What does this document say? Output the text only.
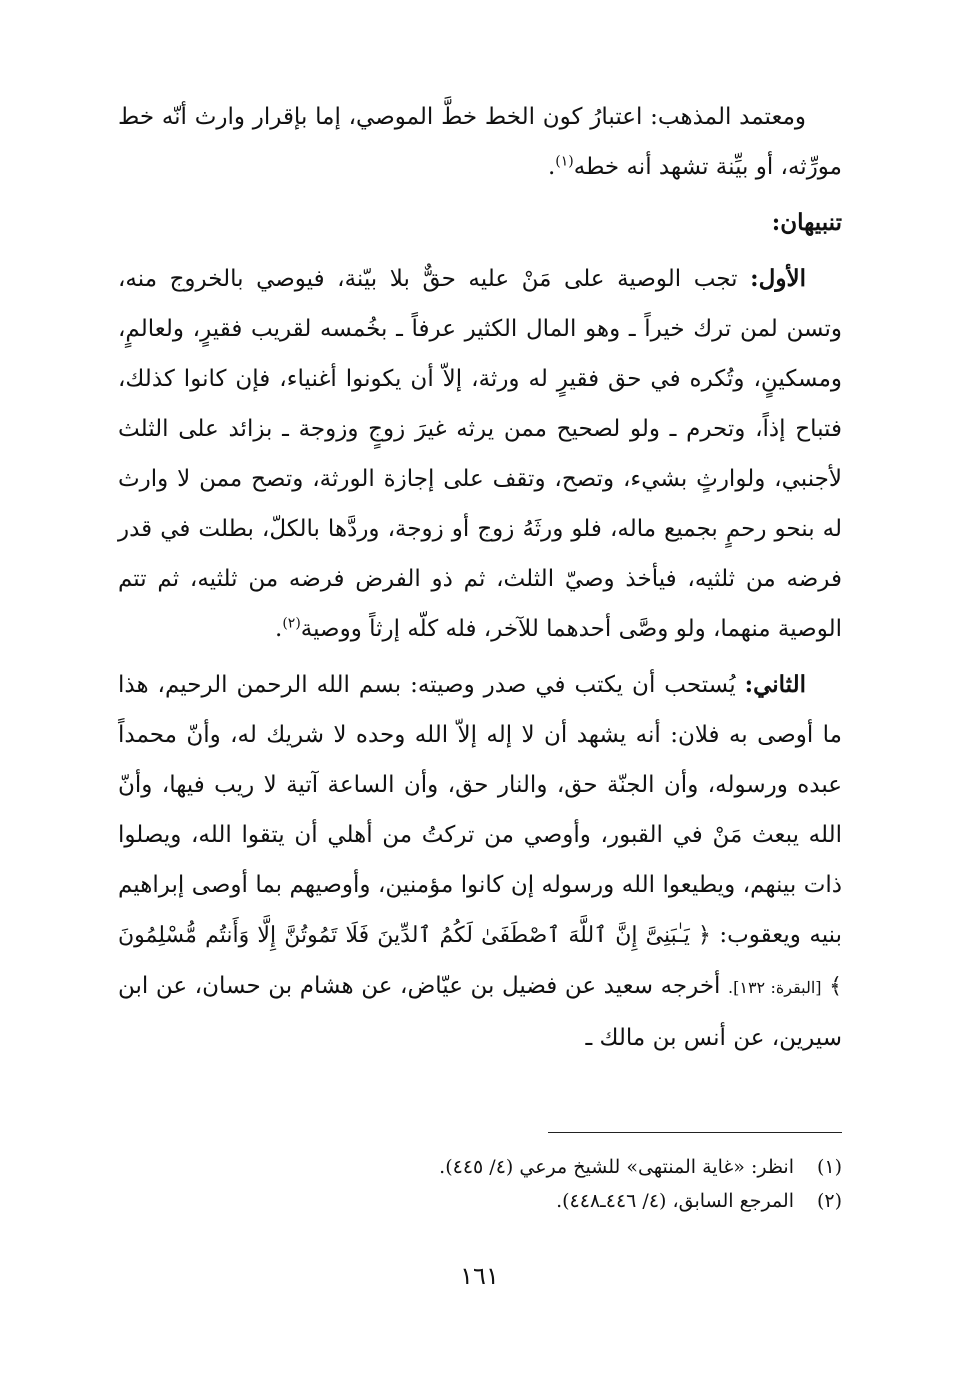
ومعتمد المذهب: اعتبارُ كون الخط خطَّ الموصي، إما بإقرار وارث أنّه خط مورِّثه، أو بيِّنة تشهد أنه خطه$^{(١)}$.

تنبيهان:

الأول: تجب الوصية على مَنْ عليه حقٌّ بلا بيّنة، فيوصي بالخروج منه، وتسن لمن ترك خيراً ـ وهو المال الكثير عرفاً ـ بخُمسه لقريب فقيرٍ، ولعالمٍ، ومسكينٍ، وتُكره في حق فقيرٍ له ورثة، إلاّ أن يكونوا أغنياء، فإن كانوا كذلك، فتباح إذاً، وتحرم ـ ولو لصحيح ممن يرثه غيرَ زوجٍ وزوجة ـ بزائد على الثلث لأجنبي، ولوارثٍ بشيء، وتصح، وتقف على إجازة الورثة، وتصح ممن لا وارث له بنحو رحمٍ بجميع ماله، فلو ورثَهُ زوج أو زوجة، وردَّها بالكلّ، بطلت في قدر فرضه من ثلثيه، فيأخذ وصيّ الثلث، ثم ذو الفرض فرضه من ثلثيه، ثم تتم الوصية منهما، ولو وصَّى أحدهما للآخر، فله كلّه إرثاً ووصية$^{(٢)}$.

الثاني: يُستحب أن يكتب في صدر وصيته: بسم الله الرحمن الرحيم، هذا ما أوصى به فلان: أنه يشهد أن لا إله إلاّ الله وحده لا شريك له، وأنّ محمداً عبده ورسوله، وأن الجنّة حق، والنار حق، وأن الساعة آتية لا ريب فيها، وأنّ الله يبعث مَنْ في القبور، وأوصي من تركتُ من أهلي أن يتقوا الله، ويصلوا ذات بينهم، ويطيعوا الله ورسوله إن كانوا مؤمنين، وأوصيهم بما أوصى إبراهيم بنيه ويعقوب: ﴿ يَـٰبَنِىَّ إِنَّ ٱللَّهَ ٱصْطَفَىٰ لَكُمُ ٱلدِّينَ فَلَا تَمُوتُنَّ إِلَّا وَأَنتُم مُّسْلِمُونَ ﴾ [البقرة: ١٣٢]. أخرجه سعيد عن فضيل بن عيّاض، عن هشام بن حسان، عن ابن سيرين، عن أنس بن مالك ـ

(١)انظر: «غاية المنتهى» للشيخ مرعي (٤/ ٤٤٥).

(٢)المرجع السابق، (٤/ ٤٤٦ـ٤٤٨).

١٦١
